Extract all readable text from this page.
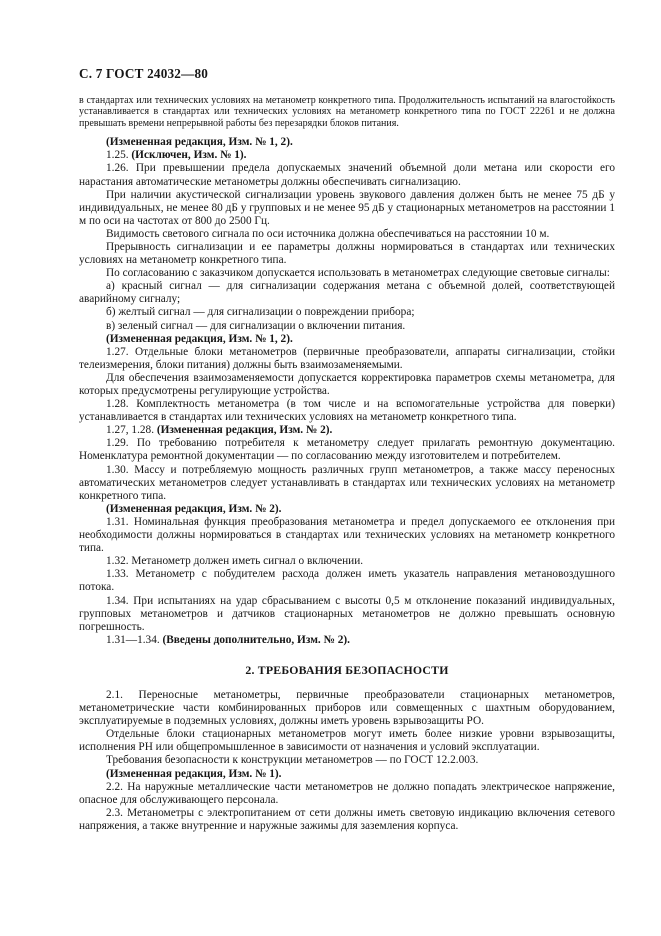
С. 7 ГОСТ 24032—80

в стандартах или технических условиях на метанометр конкретного типа. Продолжительность испытаний на влагостойкость устанавливается в стандартах или технических условиях на метанометр конкретного типа по ГОСТ 22261 и не должна превышать времени непрерывной работы без перезарядки блоков питания.

(Измененная редакция, Изм. № 1, 2).

1.25. (Исключен, Изм. № 1).

1.26. При превышении предела допускаемых значений объемной доли метана или скорости его нарастания автоматические метанометры должны обеспечивать сигнализацию.

При наличии акустической сигнализации уровень звукового давления должен быть не менее 75 дБ у индивидуальных, не менее 80 дБ у групповых и не менее 95 дБ у стационарных метанометров на расстоянии 1 м по оси на частотах от 800 до 2500 Гц.

Видимость светового сигнала по оси источника должна обеспечиваться на расстоянии 10 м.

Прерывность сигнализации и ее параметры должны нормироваться в стандартах или технических условиях на метанометр конкретного типа.

По согласованию с заказчиком допускается использовать в метанометрах следующие световые сигналы:

а) красный сигнал — для сигнализации содержания метана с объемной долей, соответствующей аварийному сигналу;

б) желтый сигнал — для сигнализации о повреждении прибора;

в) зеленый сигнал — для сигнализации о включении питания.

(Измененная редакция, Изм. № 1, 2).

1.27. Отдельные блоки метанометров (первичные преобразователи, аппараты сигнализации, стойки телеизмерения, блоки питания) должны быть взаимозаменяемыми.

Для обеспечения взаимозаменяемости допускается корректировка параметров схемы метанометра, для которых предусмотрены регулирующие устройства.

1.28. Комплектность метанометра (в том числе и на вспомогательные устройства для поверки) устанавливается в стандартах или технических условиях на метанометр конкретного типа.

1.27, 1.28. (Измененная редакция, Изм. № 2).

1.29. По требованию потребителя к метанометру следует прилагать ремонтную документацию. Номенклатура ремонтной документации — по согласованию между изготовителем и потребителем.

1.30. Массу и потребляемую мощность различных групп метанометров, а также массу переносных автоматических метанометров следует устанавливать в стандартах или технических условиях на метанометр конкретного типа.

(Измененная редакция, Изм. № 2).

1.31. Номинальная функция преобразования метанометра и предел допускаемого ее отклонения при необходимости должны нормироваться в стандартах или технических условиях на метанометр конкретного типа.

1.32. Метанометр должен иметь сигнал о включении.

1.33. Метанометр с побудителем расхода должен иметь указатель направления метановоздушного потока.

1.34. При испытаниях на удар сбрасыванием с высоты 0,5 м отклонение показаний индивидуальных, групповых метанометров и датчиков стационарных метанометров не должно превышать основную погрешность.

1.31—1.34. (Введены дополнительно, Изм. № 2).

2. ТРЕБОВАНИЯ БЕЗОПАСНОСТИ

2.1. Переносные метанометры, первичные преобразователи стационарных метанометров, метанометрические части комбинированных приборов или совмещенных с шахтным оборудованием, эксплуатируемые в подземных условиях, должны иметь уровень взрывозащиты РО.

Отдельные блоки стационарных метанометров могут иметь более низкие уровни взрывозащиты, исполнения РН или общепромышленное в зависимости от назначения и условий эксплуатации.

Требования безопасности к конструкции метанометров — по ГОСТ 12.2.003.

(Измененная редакция, Изм. № 1).

2.2. На наружные металлические части метанометров не должно попадать электрическое напряжение, опасное для обслуживающего персонала.

2.3. Метанометры с электропитанием от сети должны иметь световую индикацию включения сетевого напряжения, а также внутренние и наружные зажимы для заземления корпуса.
